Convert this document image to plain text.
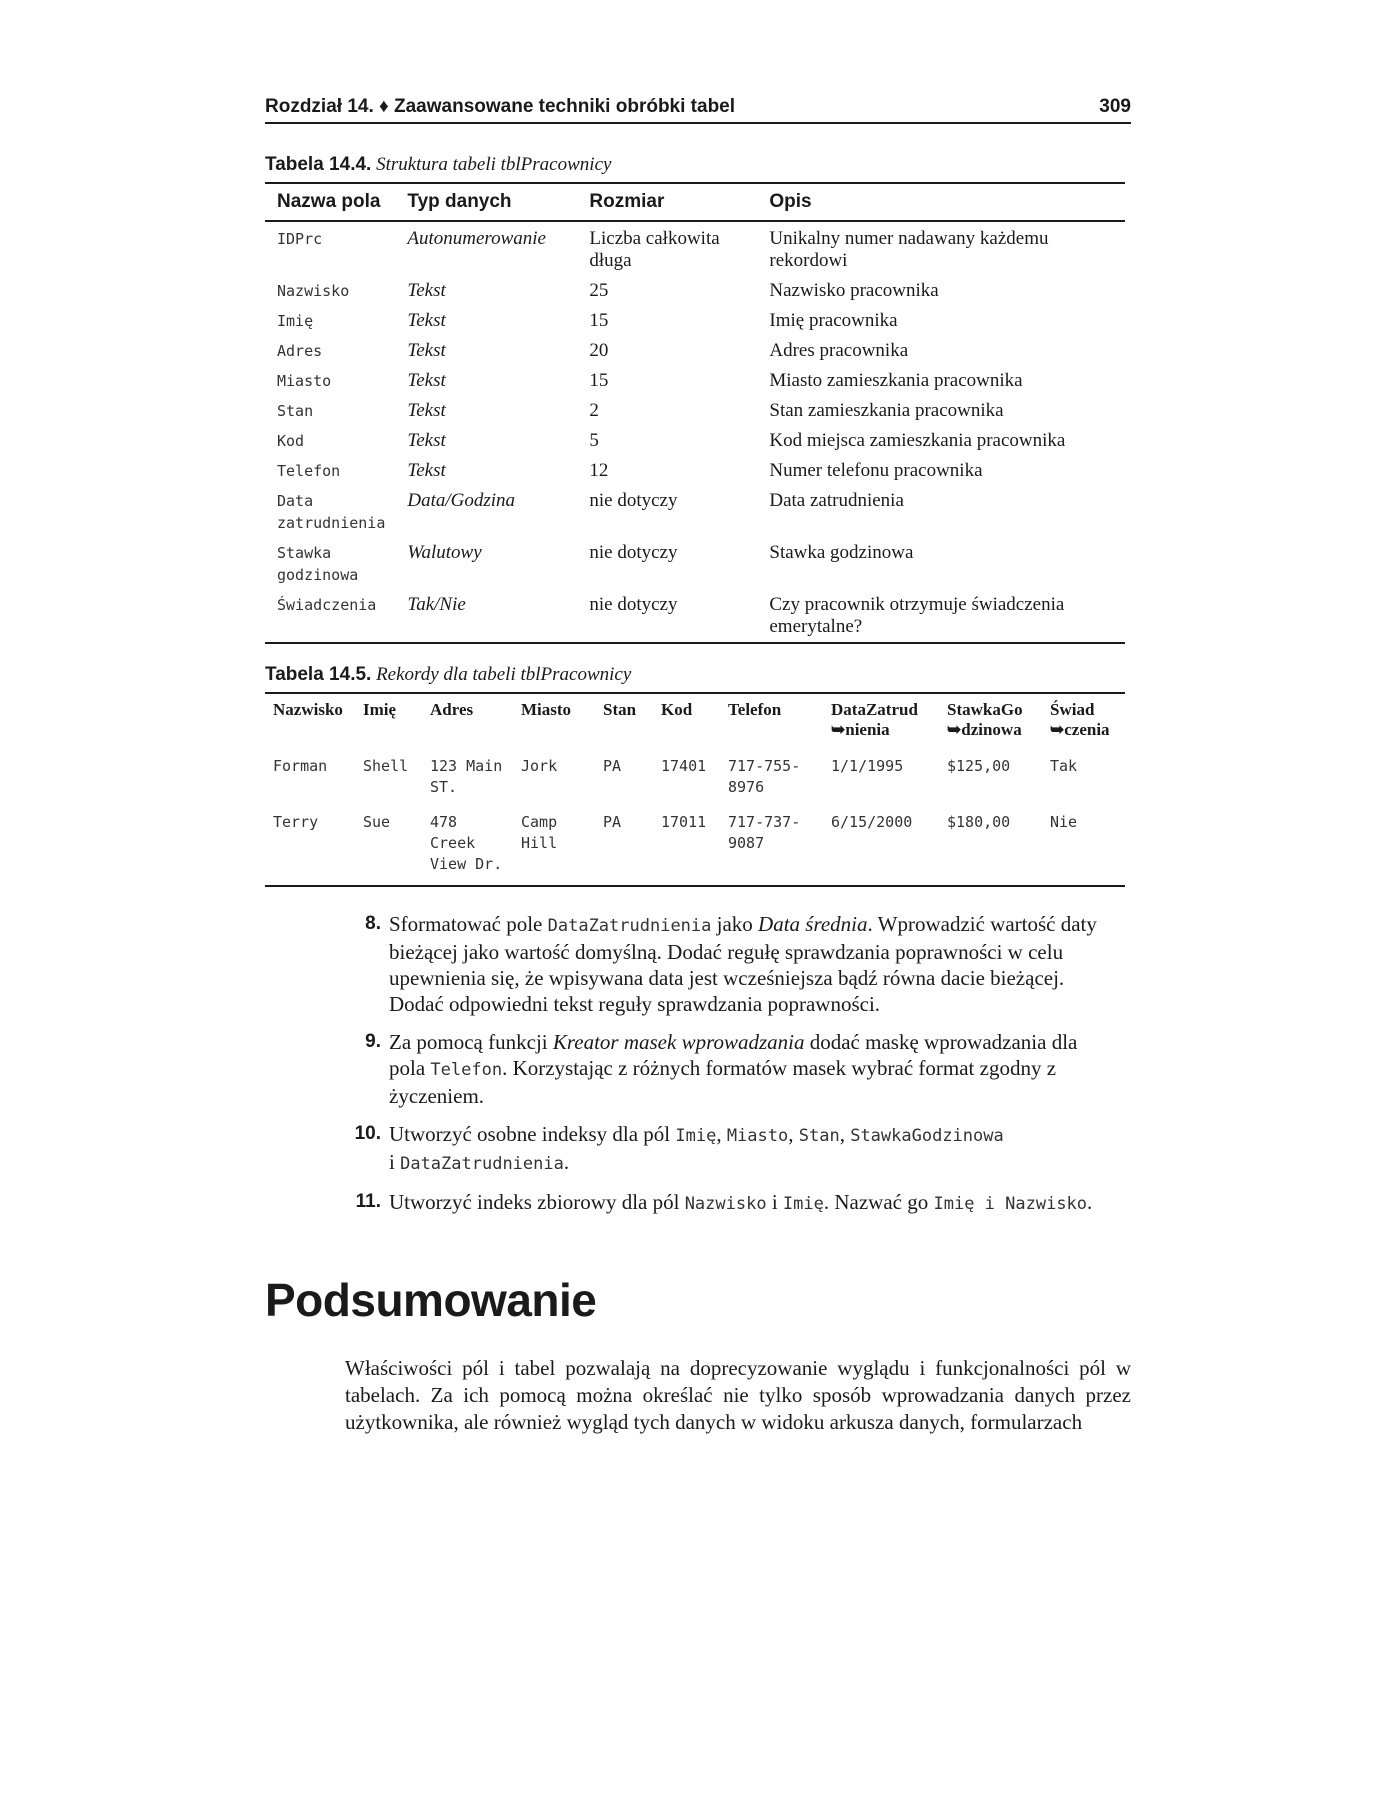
Rozdział 14. ♦ Zaawansowane techniki obróbki tabel	309
Tabela 14.4. Struktura tabeli tblPracownicy
Nazwa pola	Typ danych	Rozmiar	Opis
IDPrc	Autonumerowanie	Liczba całkowita długa	Unikalny numer nadawany każdemu rekordowi
Nazwisko	Tekst	25	Nazwisko pracownika
Imię	Tekst	15	Imię pracownika
Adres	Tekst	20	Adres pracownika
Miasto	Tekst	15	Miasto zamieszkania pracownika
Stan	Tekst	2	Stan zamieszkania pracownika
Kod	Tekst	5	Kod miejsca zamieszkania pracownika
Telefon	Tekst	12	Numer telefonu pracownika
Data zatrudnienia	Data/Godzina	nie dotyczy	Data zatrudnienia
Stawka godzinowa	Walutowy	nie dotyczy	Stawka godzinowa
Świadczenia	Tak/Nie	nie dotyczy	Czy pracownik otrzymuje świadczenia emerytalne?
Tabela 14.5. Rekordy dla tabeli tblPracownicy
Nazwisko	Imię	Adres	Miasto	Stan	Kod	Telefon	DataZatrud ➥nienia	StawkaGo ➥dzinowa	Świad ➥czenia
Forman	Shell	123 Main ST.	Jork	PA	17401	717-755-8976	1/1/1995	$125,00	Tak
Terry	Sue	478 Creek View Dr.	Camp Hill	PA	17011	717-737-9087	6/15/2000	$180,00	Nie
8. Sformatować pole DataZatrudnienia jako Data średnia. Wprowadzić wartość daty bieżącej jako wartość domyślną. Dodać regułę sprawdzania poprawności w celu upewnienia się, że wpisywana data jest wcześniejsza bądź równa dacie bieżącej. Dodać odpowiedni tekst reguły sprawdzania poprawności.
9. Za pomocą funkcji Kreator masek wprowadzania dodać maskę wprowadzania dla pola Telefon. Korzystając z różnych formatów masek wybrać format zgodny z życzeniem.
10. Utworzyć osobne indeksy dla pól Imię, Miasto, Stan, StawkaGodzinowa
i DataZatrudnienia.
11. Utworzyć indeks zbiorowy dla pól Nazwisko i Imię. Nazwać go Imię i Nazwisko.
Podsumowanie

Właściwości pól i tabel pozwalają na doprecyzowanie wyglądu i funkcjonalności pól w tabelach. Za ich pomocą można określać nie tylko sposób wprowadzania danych przez użytkownika, ale również wygląd tych danych w widoku arkusza danych, formularzach
